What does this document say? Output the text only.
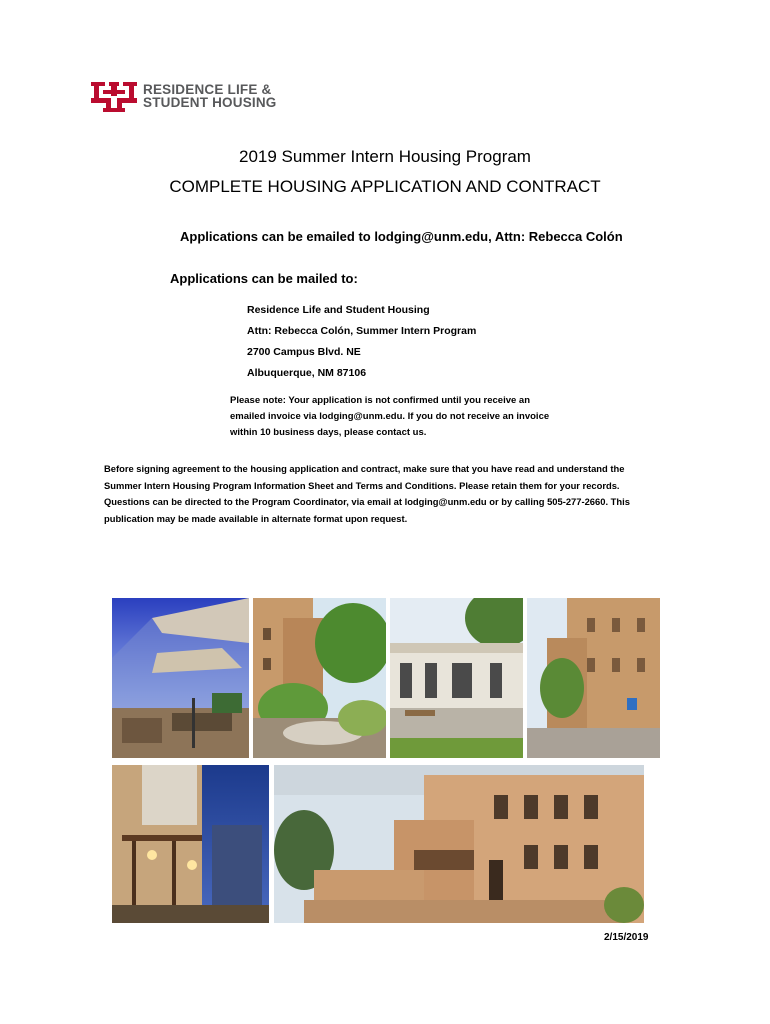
RESIDENCE LIFE &
STUDENT HOUSING
2019 Summer Intern Housing Program
COMPLETE HOUSING APPLICATION AND CONTRACT
Applications can be emailed to lodging@unm.edu, Attn: Rebecca Colón
Applications can be mailed to:
Residence Life and Student Housing
Attn: Rebecca Colón, Summer Intern Program
2700 Campus Blvd. NE
Albuquerque, NM 87106
Please note: Your application is not confirmed until you receive an emailed invoice via lodging@unm.edu. If you do not receive an invoice within 10 business days, please contact us.
Before signing agreement to the housing application and contract, make sure that you have read and understand the Summer Intern Housing Program Information Sheet and Terms and Conditions. Please retain them for your records. Questions can be directed to the Program Coordinator, via email at lodging@unm.edu or by calling 505-277-2660. This publication may be made available in alternate format upon request.
2/15/2019
